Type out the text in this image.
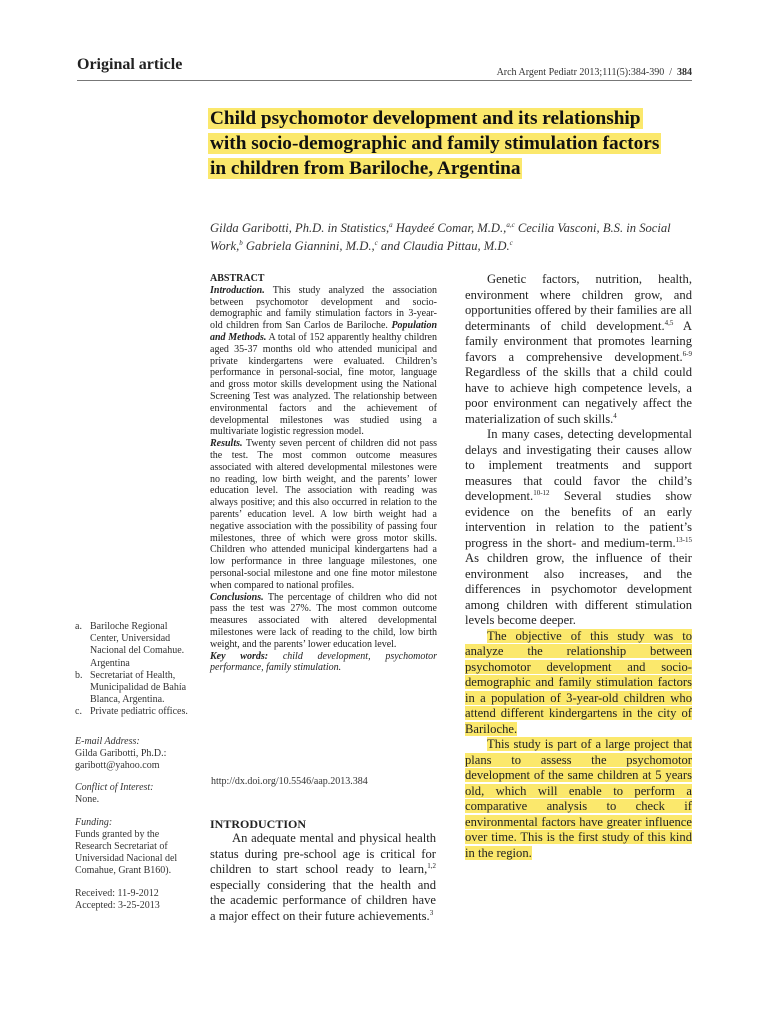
Original article	Arch Argent Pediatr 2013;111(5):384-390 / 384
Child psychomotor development and its relationship with socio-demographic and family stimulation factors in children from Bariloche, Argentina
Gilda Garibotti, Ph.D. in Statistics,$^a$ Haydeé Comar, M.D.,$^{a,c}$ Cecilia Vasconi, B.S. in Social Work,$^b$ Gabriela Giannini, M.D.,$^c$ and Claudia Pittau, M.D.$^c$
a. Bariloche Regional Center, Universidad Nacional del Comahue. Argentina
b. Secretariat of Health, Municipalidad de Bahía Blanca, Argentina.
c. Private pediatric offices.
E-mail Address:
Gilda Garibotti, Ph.D.:
garibott@yahoo.com
Conflict of Interest:
None.
Funding:
Funds granted by the Research Secretariat of Universidad Nacional del Comahue, Grant B160).
Received: 11-9-2012
Accepted: 3-25-2013
ABSTRACT
Introduction. This study analyzed the association between psychomotor development and socio-demographic and family stimulation factors in 3-year-old children from San Carlos de Bariloche. Population and Methods. A total of 152 apparently healthy children aged 35-37 months old who attended municipal and private kindergartens were evaluated. Children’s performance in personal-social, fine motor, language and gross motor skills development using the National Screening Test was analyzed. The relationship between environmental factors and the achievement of developmental milestones was studied using a multivariate logistic regression model.
Results. Twenty seven percent of children did not pass the test. The most common outcome measures associated with altered developmental milestones were no reading, low birth weight, and the parents’ lower education level. The association with reading was always positive; and this also occurred in relation to the parents’ education level. A low birth weight had a negative association with the possibility of passing four milestones, three of which were gross motor skills. Children who attended municipal kindergartens had a low performance in three language milestones, one personal-social milestone and one fine motor milestone when compared to national profiles.
Conclusions. The percentage of children who did not pass the test was 27%. The most common outcome measures associated with altered developmental milestones were lack of reading to the child, low birth weight, and the parents’ lower education level.
Key words: child development, psychomotor performance, family stimulation.
http://dx.doi.org/10.5546/aap.2013.384
INTRODUCTION

An adequate mental and physical health status during pre-school age is critical for children to start school ready to learn,$^{1,2}$ especially considering that the health and the academic performance of children have a major effect on their future achievements.$^3$

Genetic factors, nutrition, health, environment where children grow, and opportunities offered by their families are all determinants of child development.$^{4,5}$ A family environment that promotes learning favors a comprehensive development.$^{6-9}$ Regardless of the skills that a child could have to achieve high competence levels, a poor environment can negatively affect the materialization of such skills.$^4$

In many cases, detecting developmental delays and investigating their causes allow to implement treatments and support measures that could favor the child’s development.$^{10-12}$ Several studies show evidence on the benefits of an early intervention in relation to the patient’s progress in the short- and medium-term.$^{13-15}$ As children grow, the influence of their environment also increases, and the differences in psychomotor development among children with different stimulation levels become deeper.

The objective of this study was to analyze the relationship between psychomotor development and socio-demographic and family stimulation factors in a population of 3-year-old children who attend different kindergartens in the city of Bariloche.

This study is part of a large project that plans to assess the psychomotor development of the same children at 5 years old, which will enable to perform a comparative analysis to check if environmental factors have greater influence over time. This is the first study of this kind in the region.
